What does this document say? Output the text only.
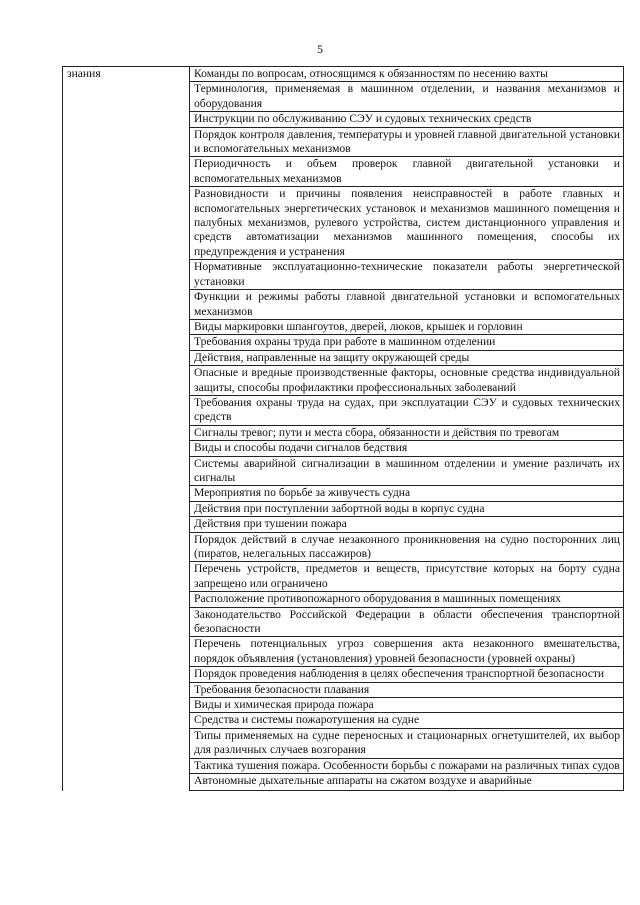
5
знания	Команды по вопросам, относящимся к обязанностям по несению вахты
	Терминология, применяемая в машинном отделении, и названия механизмов и оборудования
	Инструкции по обслуживанию СЭУ и судовых технических средств
	Порядок контроля давления, температуры и уровней главной двигательной установки и вспомогательных механизмов
	Периодичность и объем проверок главной двигательной установки и вспомогательных механизмов
	Разновидности и причины появления неисправностей в работе главных и вспомогательных энергетических установок и механизмов машинного помещения и палубных механизмов, рулевого устройства, систем дистанционного управления и средств автоматизации механизмов машинного помещения, способы их предупреждения и устранения
	Нормативные эксплуатационно-технические показатели работы энергетической установки
	Функции и режимы работы главной двигательной установки и вспомогательных механизмов
	Виды маркировки шпангоутов, дверей, люков, крышек и горловин
	Требования охраны труда при работе в машинном отделении
	Действия, направленные на защиту окружающей среды
	Опасные и вредные производственные факторы, основные средства индивидуальной защиты, способы профилактики профессиональных заболеваний
	Требования охраны труда на судах, при эксплуатации СЭУ и судовых технических средств
	Сигналы тревог; пути и места сбора, обязанности и действия по тревогам
	Виды и способы подачи сигналов бедствия
	Системы аварийной сигнализации в машинном отделении и умение различать их сигналы
	Мероприятия по борьбе за живучесть судна
	Действия при поступлении забортной воды в корпус судна
	Действия при тушении пожара
	Порядок действий в случае незаконного проникновения на судно посторонних лиц (пиратов, нелегальных пассажиров)
	Перечень устройств, предметов и веществ, присутствие которых на борту судна запрещено или ограничено
	Расположение противопожарного оборудования в машинных помещениях
	Законодательство Российской Федерации в области обеспечения транспортной безопасности
	Перечень потенциальных угроз совершения акта незаконного вмешательства, порядок объявления (установления) уровней безопасности (уровней охраны)
	Порядок проведения наблюдения в целях обеспечения транспортной безопасности
	Требования безопасности плавания
	Виды и химическая природа пожара
	Средства и системы пожаротушения на судне
	Типы применяемых на судне переносных и стационарных огнетушителей, их выбор для различных случаев возгорания
	Тактика тушения пожара. Особенности борьбы с пожарами на различных типах судов
	Автономные дыхательные аппараты на сжатом воздухе и аварийные
